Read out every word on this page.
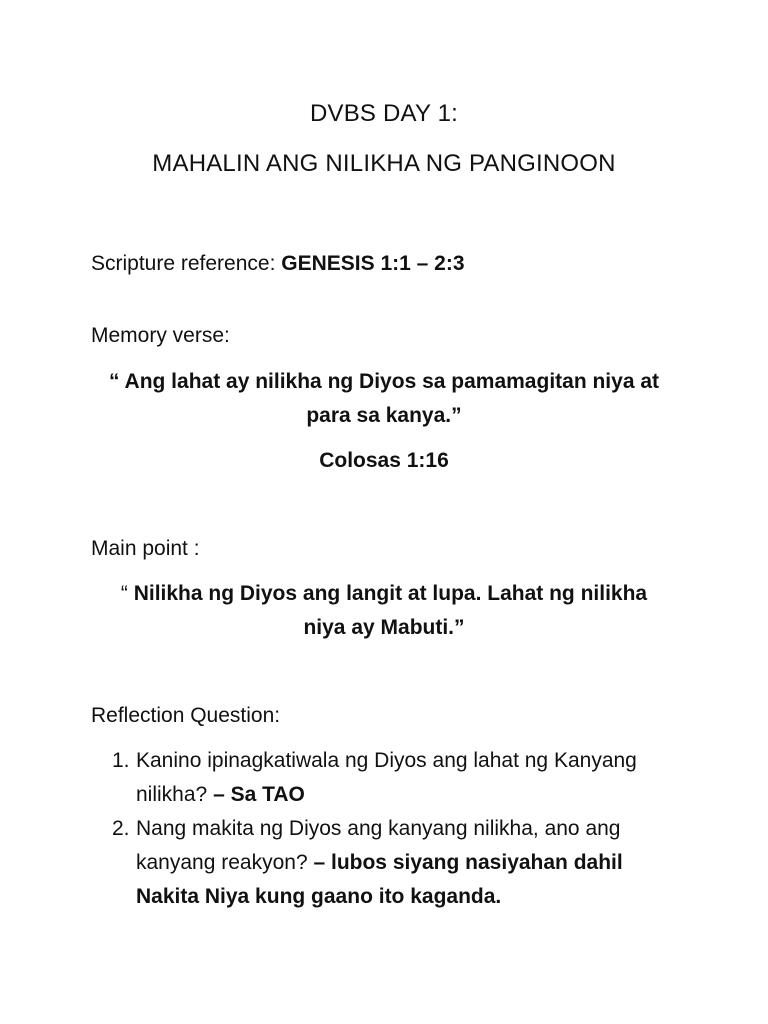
DVBS DAY 1:
MAHALIN ANG NILIKHA NG PANGINOON
Scripture reference: GENESIS 1:1 – 2:3
Memory verse:
“ Ang lahat ay nilikha ng Diyos sa pamamagitan niya at
para sa kanya.”
Colosas 1:16
Main point :
“ Nilikha ng Diyos ang langit at lupa. Lahat ng nilikha
niya ay Mabuti.”
Reflection Question:
1. Kanino ipinagkatiwala ng Diyos ang lahat ng Kanyang
nilikha? – Sa TAO
2. Nang makita ng Diyos ang kanyang nilikha, ano ang
kanyang reakyon? – lubos siyang nasiyahan dahil
Nakita Niya kung gaano ito kaganda.
